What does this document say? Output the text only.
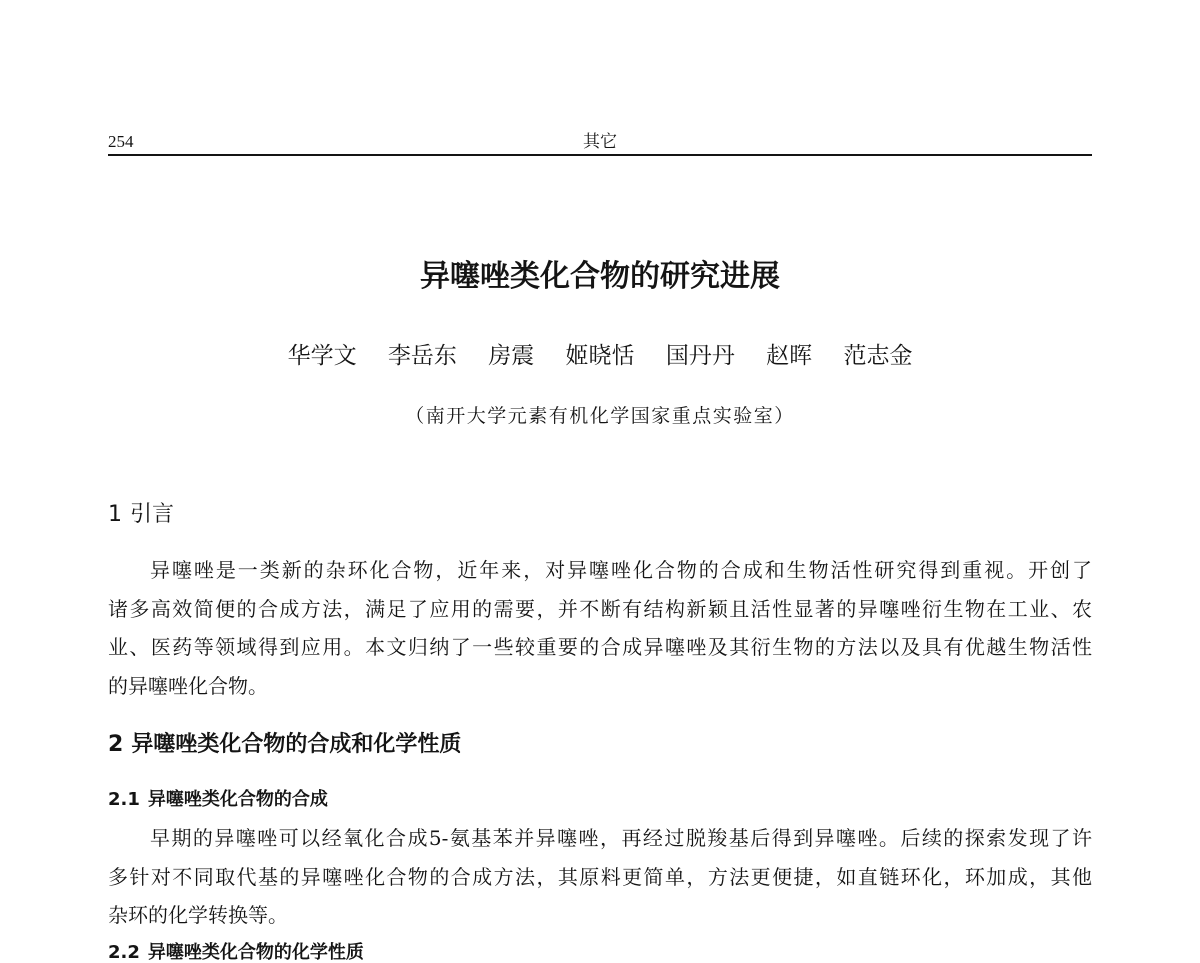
254	其它
异噻唑类化合物的研究进展
华学文 李岳东 房震 姬晓恬 国丹丹 赵晖 范志金
（南开大学元素有机化学国家重点实验室）
1 引言
异噻唑是一类新的杂环化合物，近年来，对异噻唑化合物的合成和生物活性研究得到重视。开创了
诸多高效简便的合成方法，满足了应用的需要，并不断有结构新颖且活性显著的异噻唑衍生物在工业、农
业、医药等领域得到应用。本文归纳了一些较重要的合成异噻唑及其衍生物的方法以及具有优越生物活性
的异噻唑化合物。
2 异噻唑类化合物的合成和化学性质
2.1 异噻唑类化合物的合成
早期的异噻唑可以经氧化合成5-氨基苯并异噻唑，再经过脱羧基后得到异噻唑。后续的探索发现了许
多针对不同取代基的异噻唑化合物的合成方法，其原料更简单，方法更便捷，如直链环化，环加成，其他
杂环的化学转换等。
2.2 异噻唑类化合物的化学性质
